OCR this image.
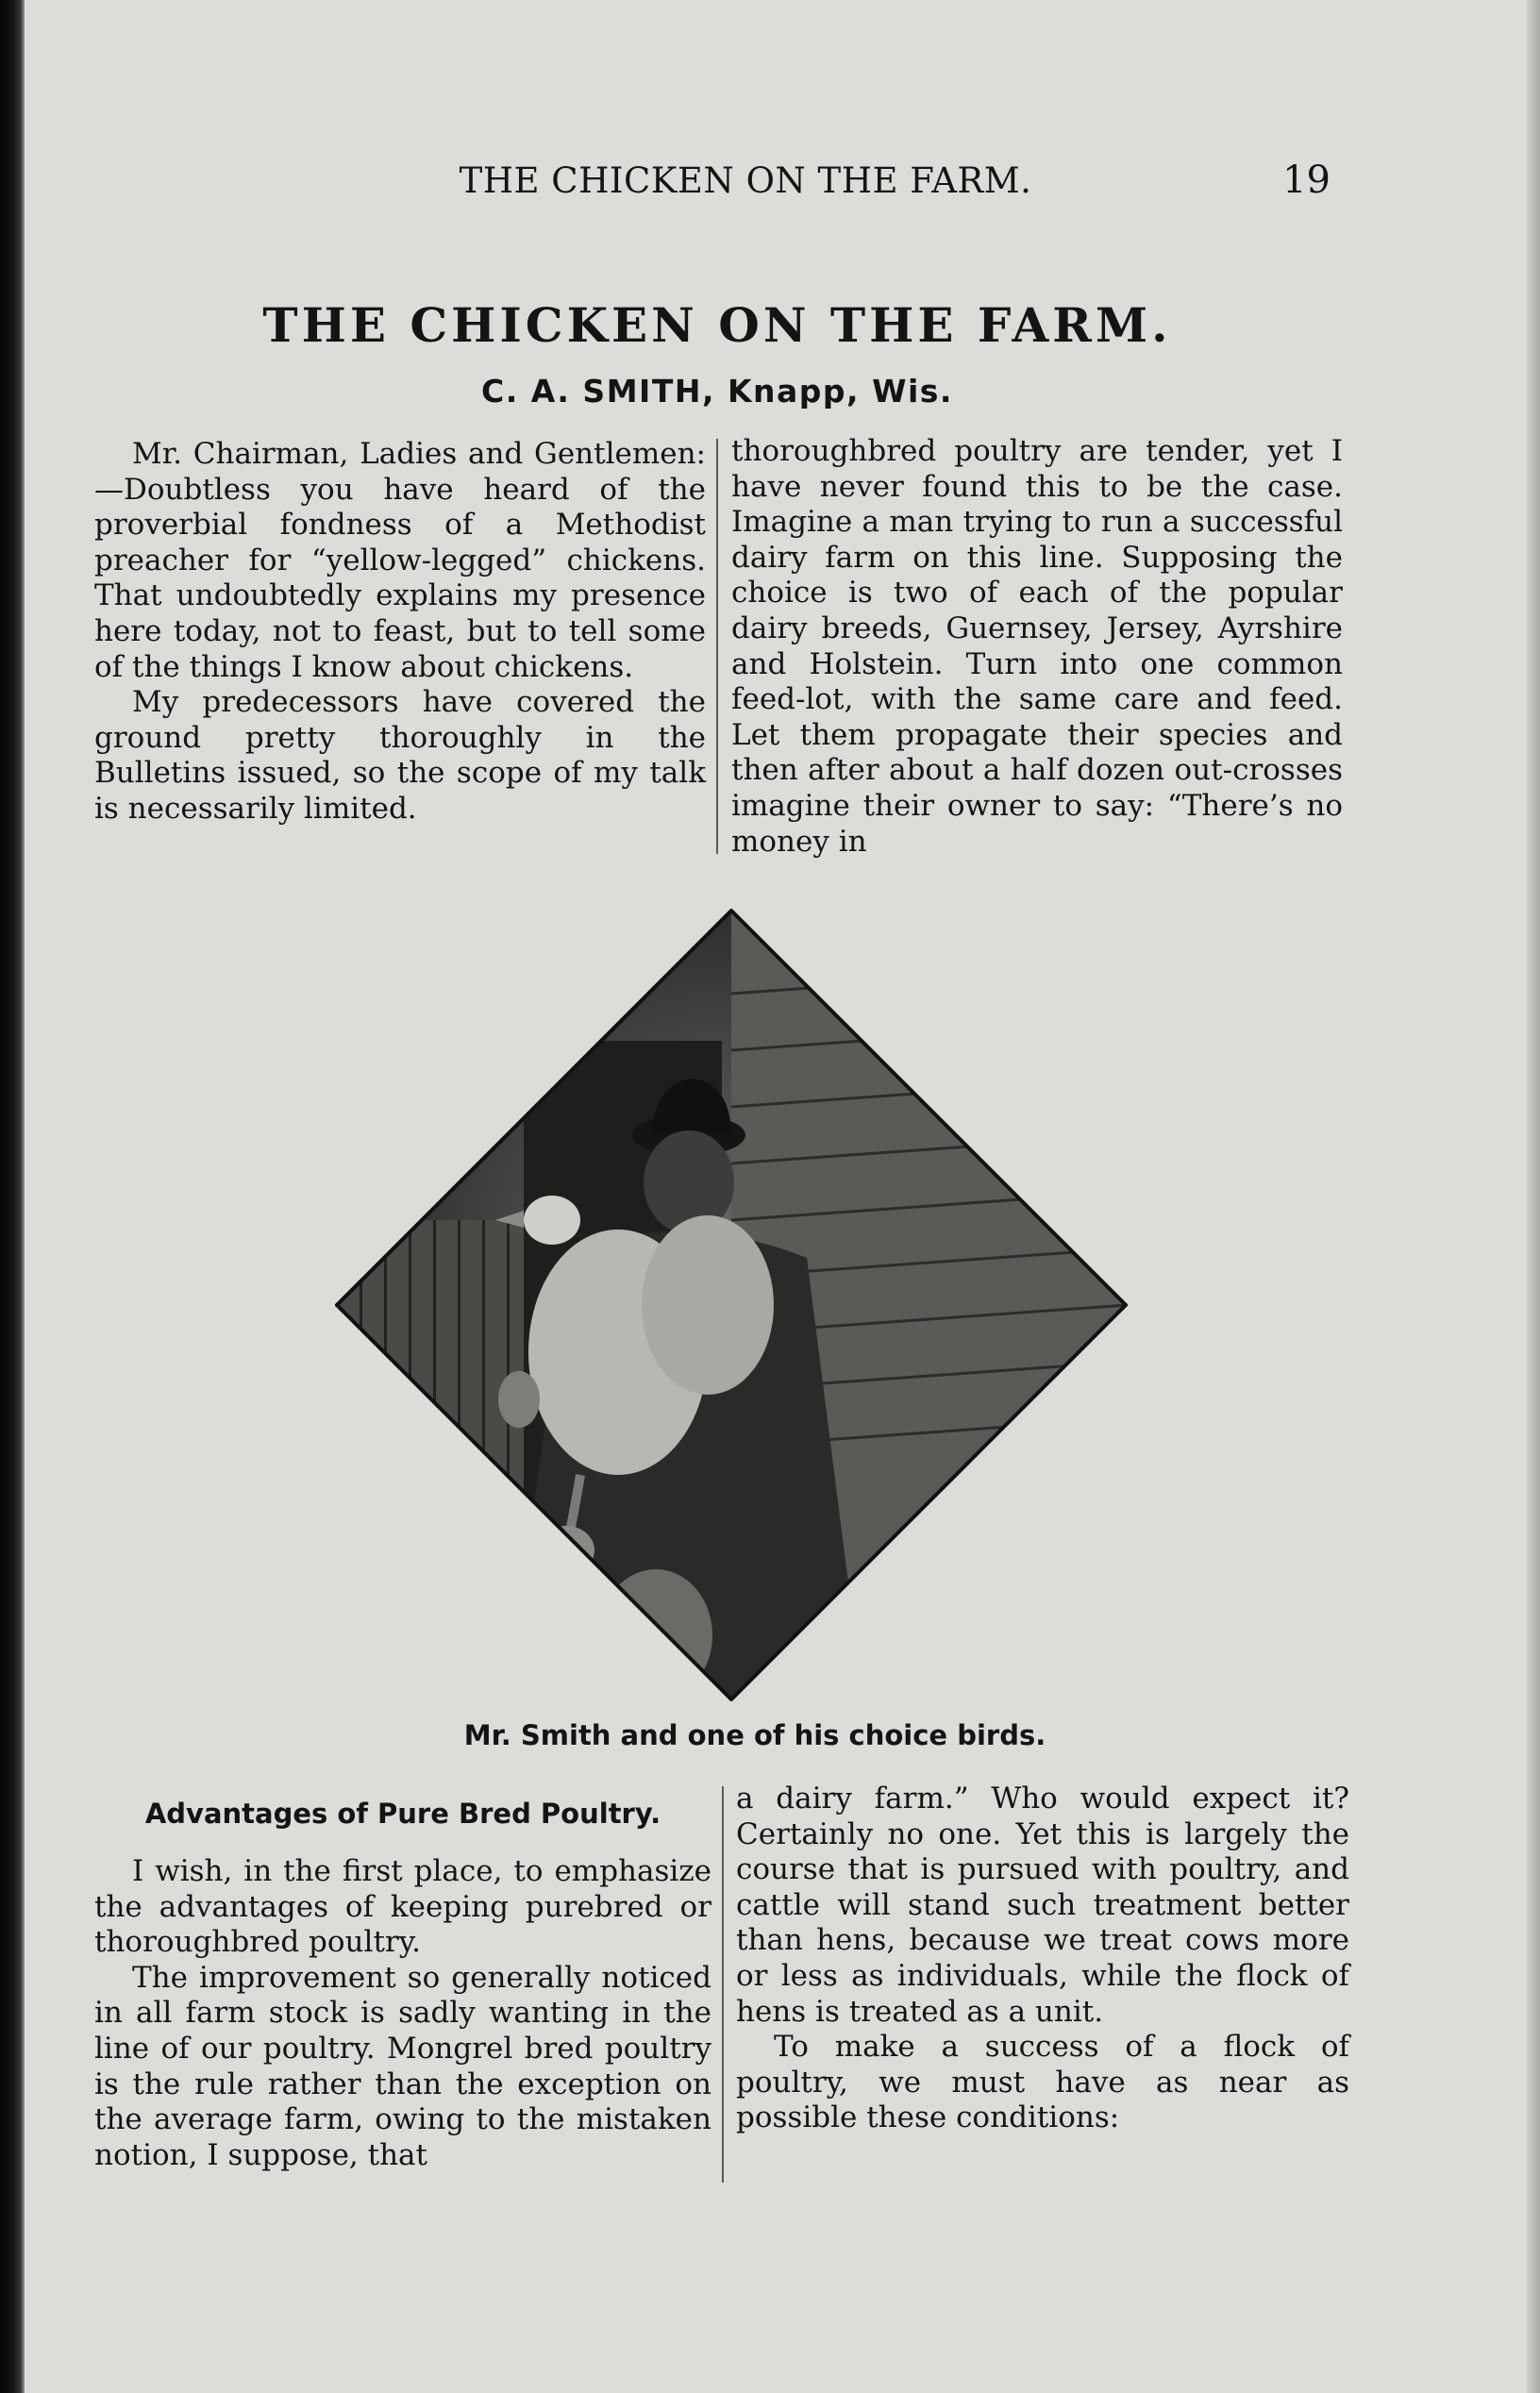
THE CHICKEN ON THE FARM.	19
THE CHICKEN ON THE FARM.
C. A. SMITH, Knapp, Wis.

Mr. Chairman, Ladies and Gentlemen:—Doubtless you have heard of the proverbial fondness of a Methodist preacher for “yellow-legged” chickens. That undoubtedly explains my presence here today, not to feast, but to tell some of the things I know about chickens.

My predecessors have covered the ground pretty thoroughly in the Bulletins issued, so the scope of my talk is necessarily limited.

thoroughbred poultry are tender, yet I have never found this to be the case. Imagine a man trying to run a successful dairy farm on this line. Supposing the choice is two of each of the popular dairy breeds, Guernsey, Jersey, Ayrshire and Holstein. Turn into one common feed-lot, with the same care and feed. Let them propagate their species and then after about a half dozen out-crosses imagine their owner to say: “There’s no money in

Mr. Smith and one of his choice birds.
Advantages of Pure Bred Poultry.

I wish, in the first place, to emphasize the advantages of keeping purebred or thoroughbred poultry.

The improvement so generally noticed in all farm stock is sadly wanting in the line of our poultry. Mongrel bred poultry is the rule rather than the exception on the average farm, owing to the mistaken notion, I suppose, that

a dairy farm.” Who would expect it? Certainly no one. Yet this is largely the course that is pursued with poultry, and cattle will stand such treatment better than hens, because we treat cows more or less as individuals, while the flock of hens is treated as a unit.

To make a success of a flock of poultry, we must have as near as possible these conditions:
